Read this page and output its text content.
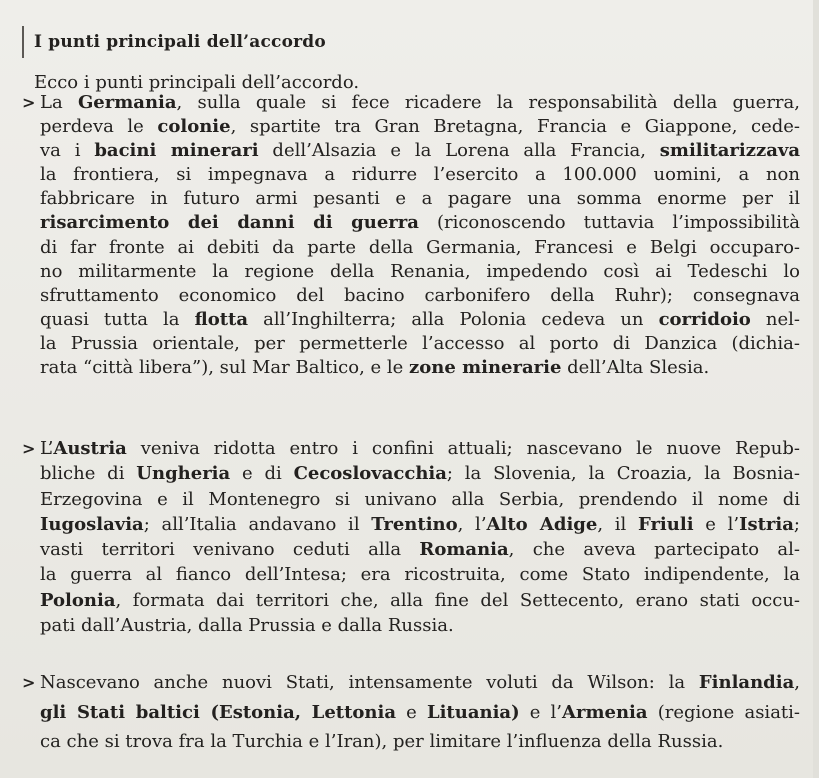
I punti principali dell’accordo
Ecco i punti principali dell’accordo.
> La Germania, sulla quale si fece ricadere la responsabilità della guerra,
perdeva le colonie, spartite tra Gran Bretagna, Francia e Giappone, cede-
va i bacini minerari dell’Alsazia e la Lorena alla Francia, smilitarizzava
la frontiera, si impegnava a ridurre l’esercito a 100.000 uomini, a non
fabbricare in futuro armi pesanti e a pagare una somma enorme per il
risarcimento dei danni di guerra (riconoscendo tuttavia l’impossibilità
di far fronte ai debiti da parte della Germania, Francesi e Belgi occuparo-
no militarmente la regione della Renania, impedendo così ai Tedeschi lo
sfruttamento economico del bacino carbonifero della Ruhr); consegnava
quasi tutta la flotta all’Inghilterra; alla Polonia cedeva un corridoio nel-
la Prussia orientale, per permetterle l’accesso al porto di Danzica (dichia-
rata “città libera”), sul Mar Baltico, e le zone minerarie dell’Alta Slesia.
> L’Austria veniva ridotta entro i confini attuali; nascevano le nuove Repub-
bliche di Ungheria e di Cecoslovacchia; la Slovenia, la Croazia, la Bosnia-
Erzegovina e il Montenegro si univano alla Serbia, prendendo il nome di
Iugoslavia; all’Italia andavano il Trentino, l’Alto Adige, il Friuli e l’Istria;
vasti territori venivano ceduti alla Romania, che aveva partecipato al-
la guerra al fianco dell’Intesa; era ricostruita, come Stato indipendente, la
Polonia, formata dai territori che, alla fine del Settecento, erano stati occu-
pati dall’Austria, dalla Prussia e dalla Russia.
> Nascevano anche nuovi Stati, intensamente voluti da Wilson: la Finlandia,
gli Stati baltici (Estonia, Lettonia e Lituania) e l’Armenia (regione asiati-
ca che si trova fra la Turchia e l’Iran), per limitare l’influenza della Russia.
